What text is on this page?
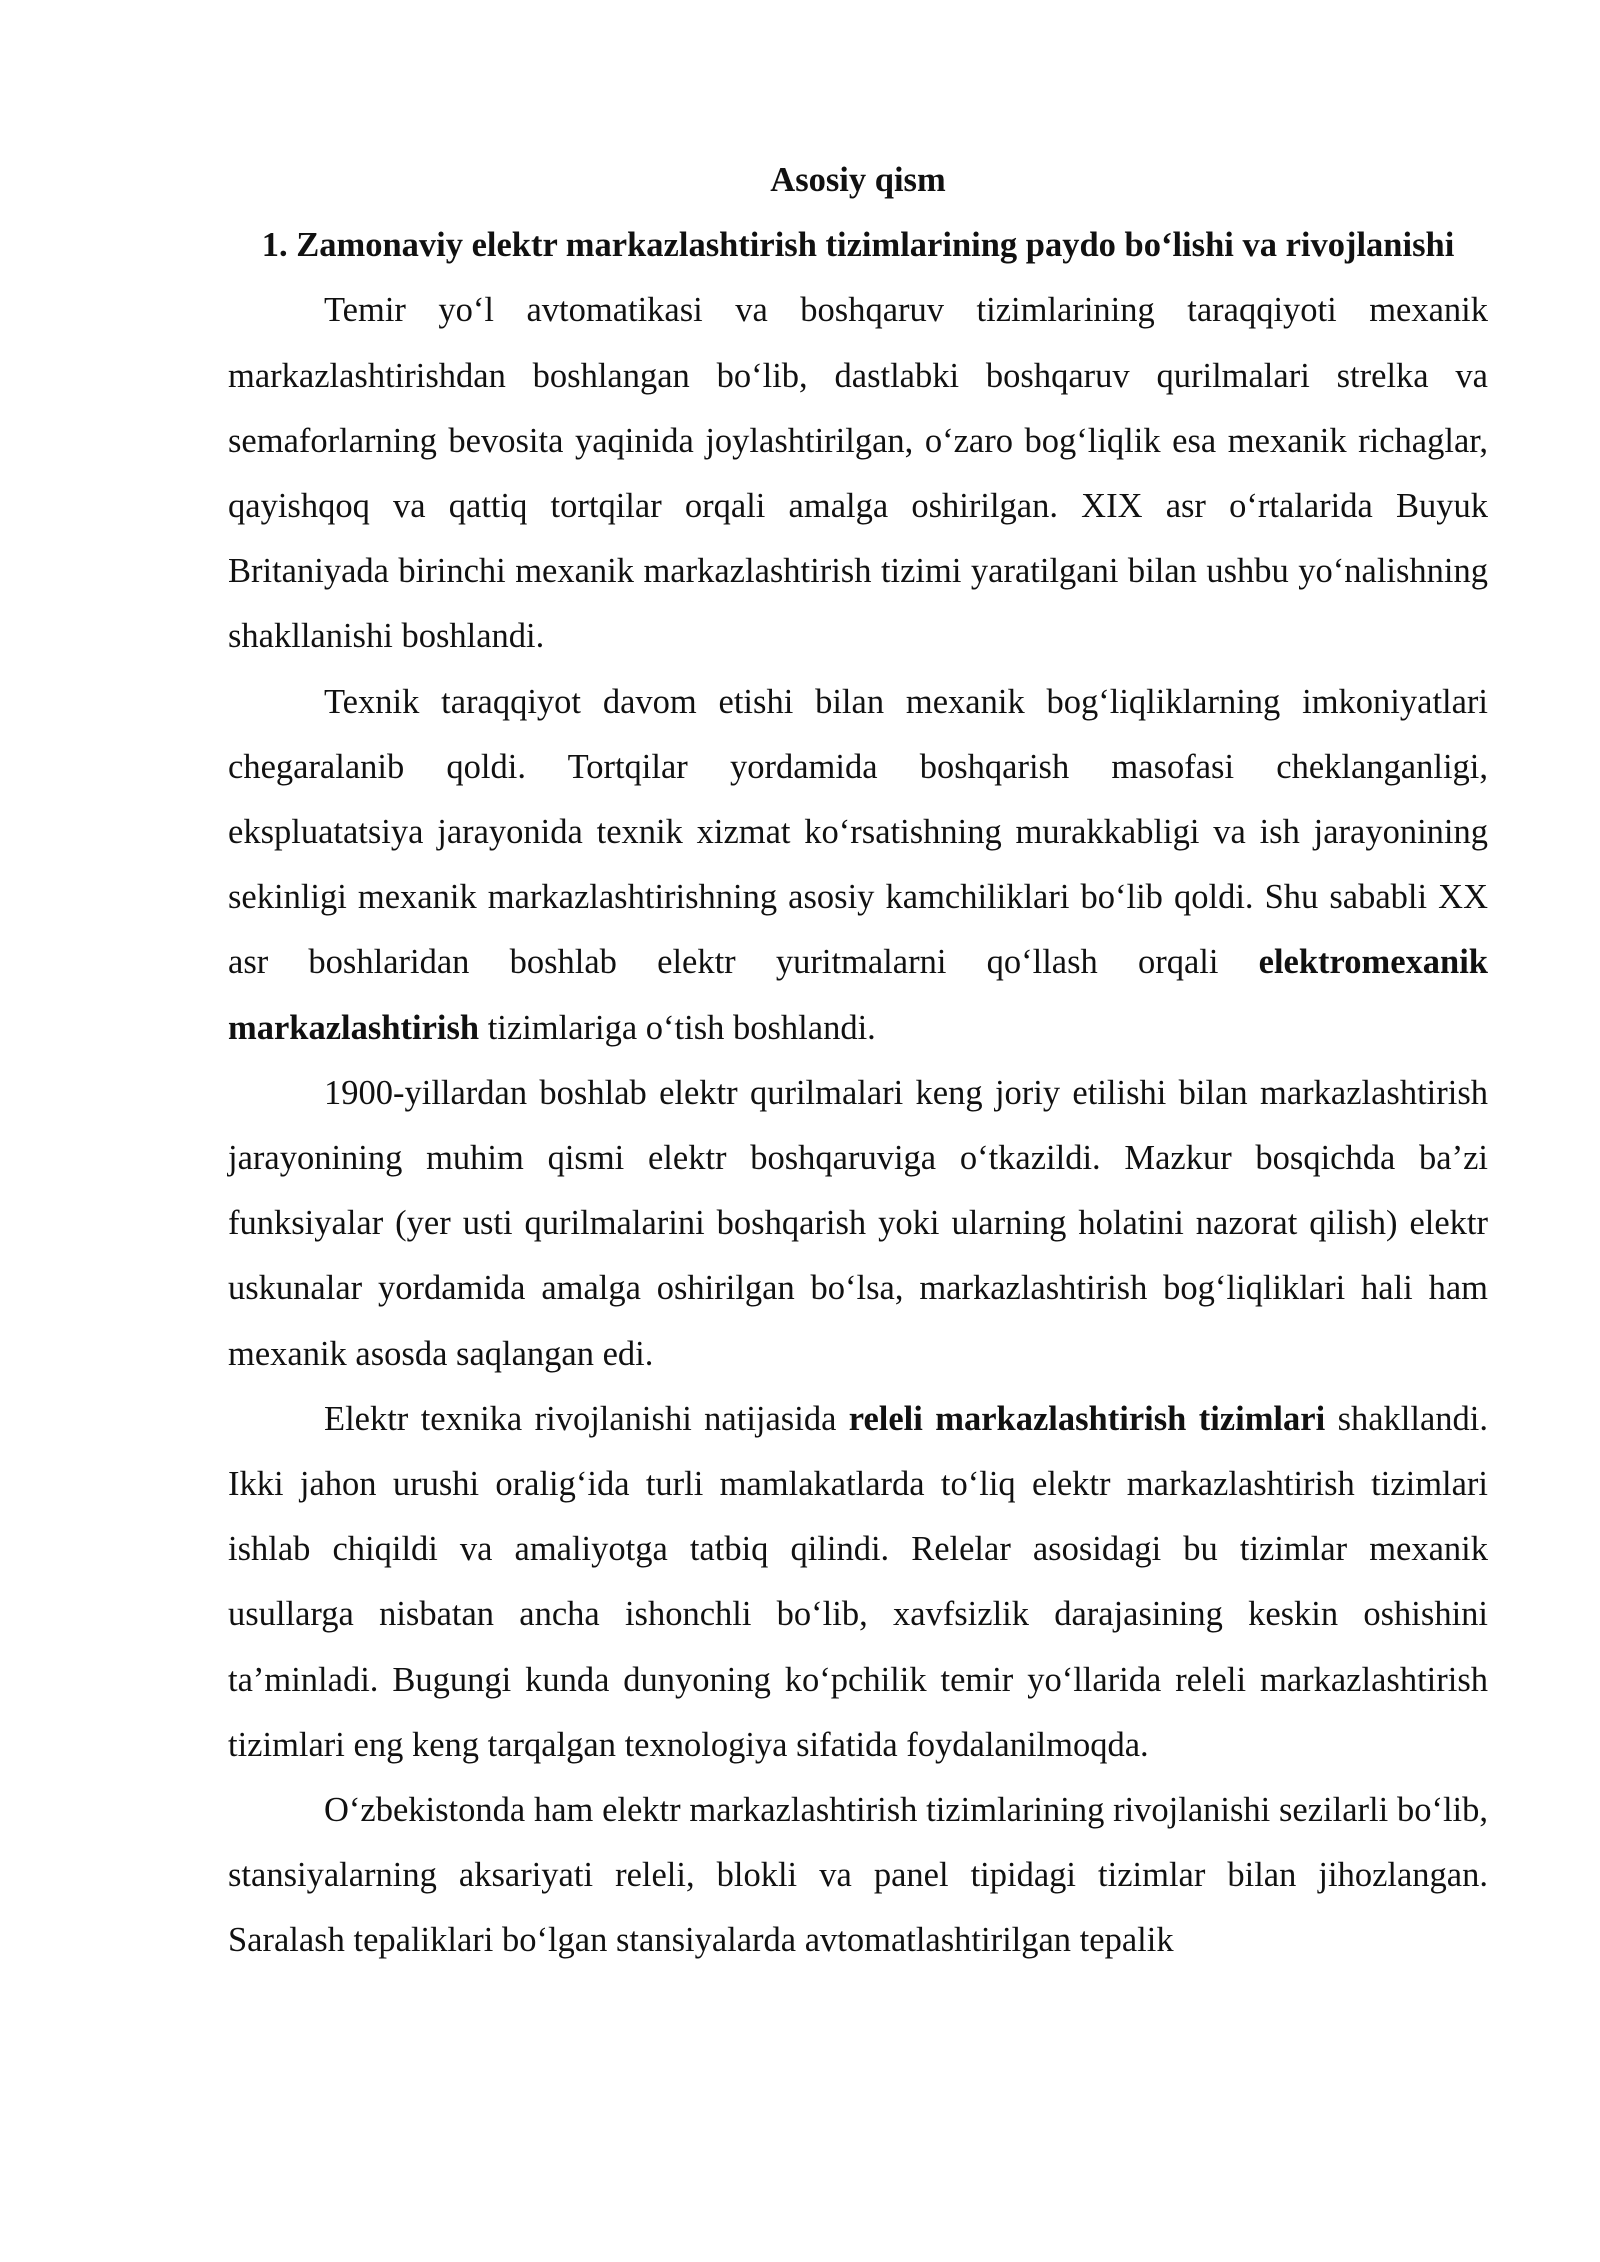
Asosiy qism

1. Zamonaviy elektr markazlashtirish tizimlarining paydo bo‘lishi va rivojlanishi

Temir yo‘l avtomatikasi va boshqaruv tizimlarining taraqqiyoti mexanik markazlashtirishdan boshlangan bo‘lib, dastlabki boshqaruv qurilmalari strelka va semaforlarning bevosita yaqinida joylashtirilgan, o‘zaro bog‘liqlik esa mexanik richaglar, qayishqoq va qattiq tortqilar orqali amalga oshirilgan. XIX asr o‘rtalarida Buyuk Britaniyada birinchi mexanik markazlashtirish tizimi yaratilgani bilan ushbu yo‘nalishning shakllanishi boshlandi.

Texnik taraqqiyot davom etishi bilan mexanik bog‘liqliklarning imkoniyatlari chegaralanib qoldi. Tortqilar yordamida boshqarish masofasi cheklanganligi, ekspluatatsiya jarayonida texnik xizmat ko‘rsatishning murakkabligi va ish jarayonining sekinligi mexanik markazlashtirishning asosiy kamchiliklari bo‘lib qoldi. Shu sababli XX asr boshlaridan boshlab elektr yuritmalarni qo‘llash orqali elektromexanik markazlashtirish tizimlariga o‘tish boshlandi.

1900-yillardan boshlab elektr qurilmalari keng joriy etilishi bilan markazlashtirish jarayonining muhim qismi elektr boshqaruviga o‘tkazildi. Mazkur bosqichda ba’zi funksiyalar (yer usti qurilmalarini boshqarish yoki ularning holatini nazorat qilish) elektr uskunalar yordamida amalga oshirilgan bo‘lsa, markazlashtirish bog‘liqliklari hali ham mexanik asosda saqlangan edi.

Elektr texnika rivojlanishi natijasida releli markazlashtirish tizimlari shakllandi. Ikki jahon urushi oralig‘ida turli mamlakatlarda to‘liq elektr markazlashtirish tizimlari ishlab chiqildi va amaliyotga tatbiq qilindi. Relelar asosidagi bu tizimlar mexanik usullarga nisbatan ancha ishonchli bo‘lib, xavfsizlik darajasining keskin oshishini ta’minladi. Bugungi kunda dunyoning ko‘pchilik temir yo‘llarida releli markazlashtirish tizimlari eng keng tarqalgan texnologiya sifatida foydalanilmoqda.

O‘zbekistonda ham elektr markazlashtirish tizimlarining rivojlanishi sezilarli bo‘lib, stansiyalarning aksariyati releli, blokli va panel tipidagi tizimlar bilan jihozlangan. Saralash tepaliklari bo‘lgan stansiyalarda avtomatlashtirilgan tepalik
